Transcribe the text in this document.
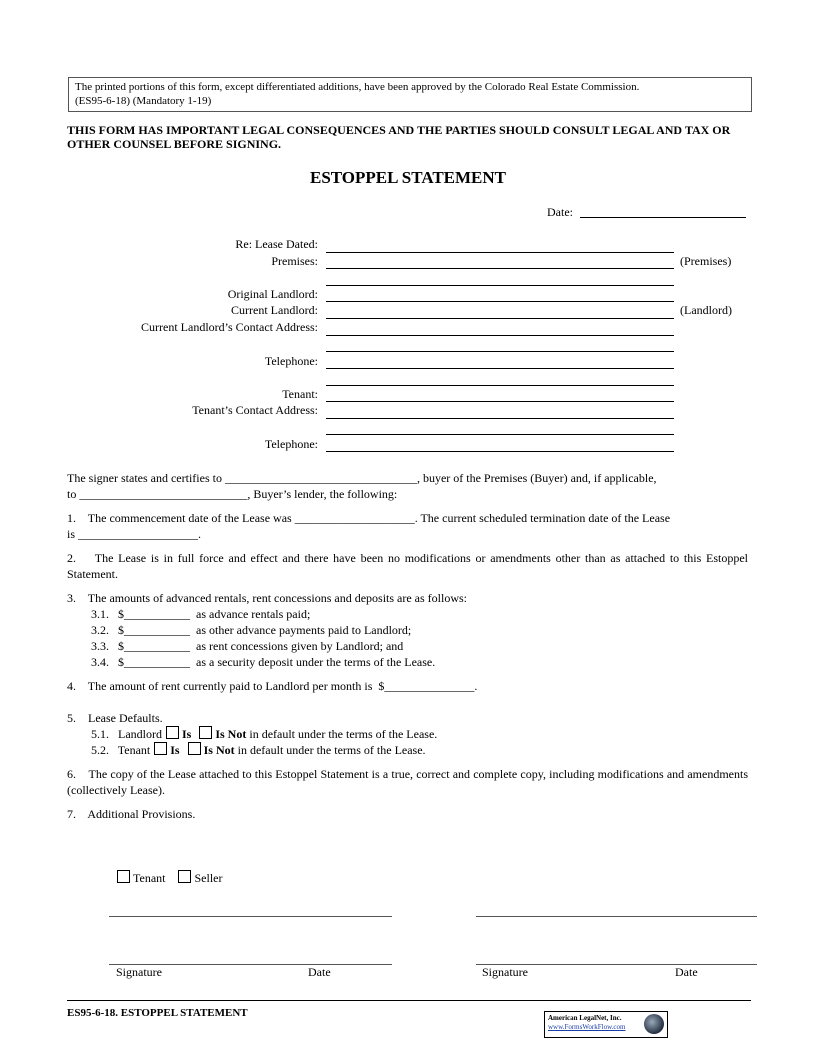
The printed portions of this form, except differentiated additions, have been approved by the Colorado Real Estate Commission.
(ES95-6-18) (Mandatory 1-19)
THIS FORM HAS IMPORTANT LEGAL CONSEQUENCES AND THE PARTIES SHOULD CONSULT LEGAL AND TAX OR OTHER COUNSEL BEFORE SIGNING.
ESTOPPEL STATEMENT
Date:
Re: Lease Dated:
Premises:	(Premises)
Original Landlord:
Current Landlord:	(Landlord)
Current Landlord’s Contact Address:
Telephone:
Tenant:
Tenant’s Contact Address:
Telephone:
The signer states and certifies to ________________________________, buyer of the Premises (Buyer) and, if applicable,
to ____________________________, Buyer’s lender, the following:
1.    The commencement date of the Lease was ____________________. The current scheduled termination date of the Lease
is ____________________.
2.    The Lease is in full force and effect and there have been no modifications or amendments other than as attached to this Estoppel Statement.
3.    The amounts of advanced rentals, rent concessions and deposits are as follows:
3.1.   $___________  as advance rentals paid;
3.2.   $___________  as other advance payments paid to Landlord;
3.3.   $___________  as rent concessions given by Landlord; and
3.4.   $___________  as a security deposit under the terms of the Lease.
4.    The amount of rent currently paid to Landlord per month is  $_______________.
5.    Lease Defaults.
5.1.   Landlord Is Is Not in default under the terms of the Lease.
5.2.   Tenant Is Is Not in default under the terms of the Lease.
6.    The copy of the Lease attached to this Estoppel Statement is a true, correct and complete copy, including modifications and amendments (collectively Lease).
7.    Additional Provisions.
Tenant Seller
Signature	Date	Signature	Date
ES95-6-18. ESTOPPEL STATEMENT	American LegalNet, Inc.
www.FormsWorkFlow.com
